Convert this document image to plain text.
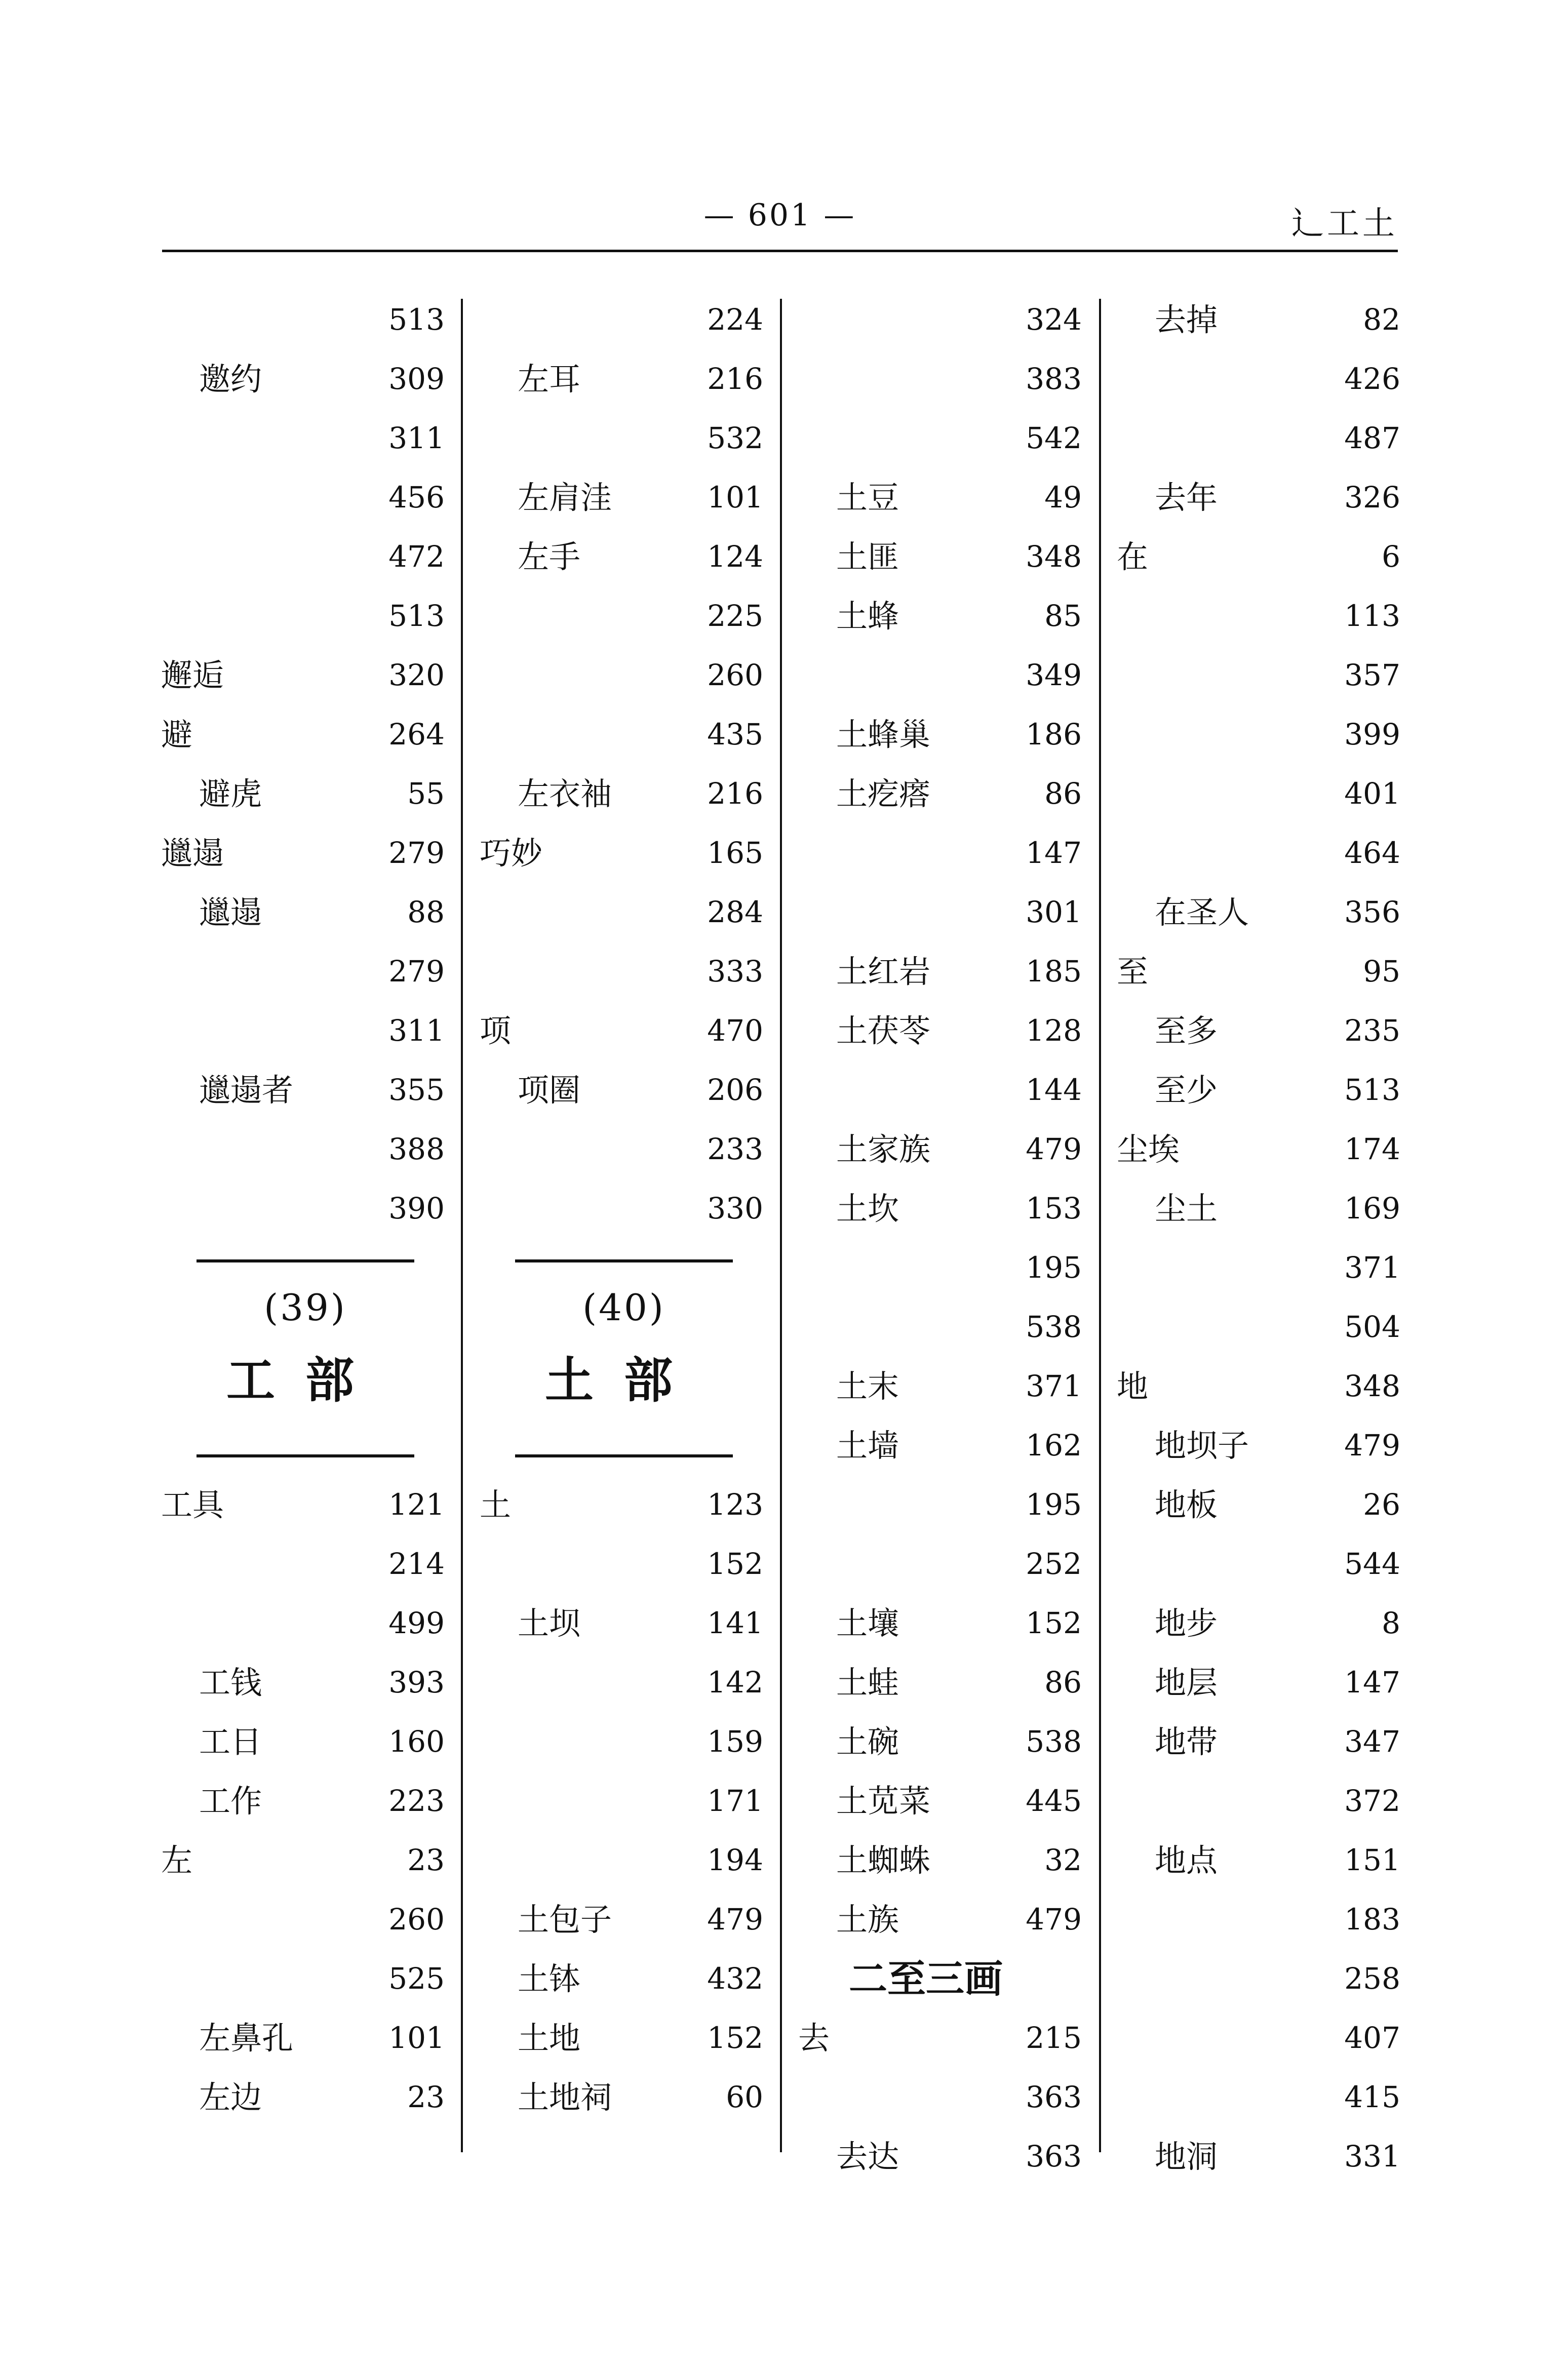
— 601 —	辶工土
513
邀约	309
311
456
472
513
邂逅	320
避	264
避虎	55
邋遢	279
邋遢	88
279
311
邋遢者	355
388
390
(39)
工部
工具	121
214
499
工钱	393
工日	160
工作	223
左	23
260
525
左鼻孔	101
左边	23
224
左耳	216
532
左肩洼	101
左手	124
225
260
435
左衣袖	216
巧妙	165
284
333
项	470
项圈	206
233
330
(40)
土部
土	123
152
土坝	141
142
159
171
194
土包子	479
土钵	432
土地	152
土地祠	60
324
383
542
土豆	49
土匪	348
土蜂	85
349
土蜂巢	186
土疙瘩	86
147
301
土红岩	185
土茯苓	128
144
土家族	479
土坎	153
195
538
土末	371
土墙	162
195
252
土壤	152
土蛙	86
土碗	538
土苋菜	445
土蜘蛛	32
土族	479
二至三画
去	215
363
去达	363
去掉	82
426
487
去年	326
在	6
113
357
399
401
464
在圣人	356
至	95
至多	235
至少	513
尘埃	174
尘土	169
371
504
地	348
地坝子	479
地板	26
544
地步	8
地层	147
地带	347
372
地点	151
183
258
407
415
地洞	331
